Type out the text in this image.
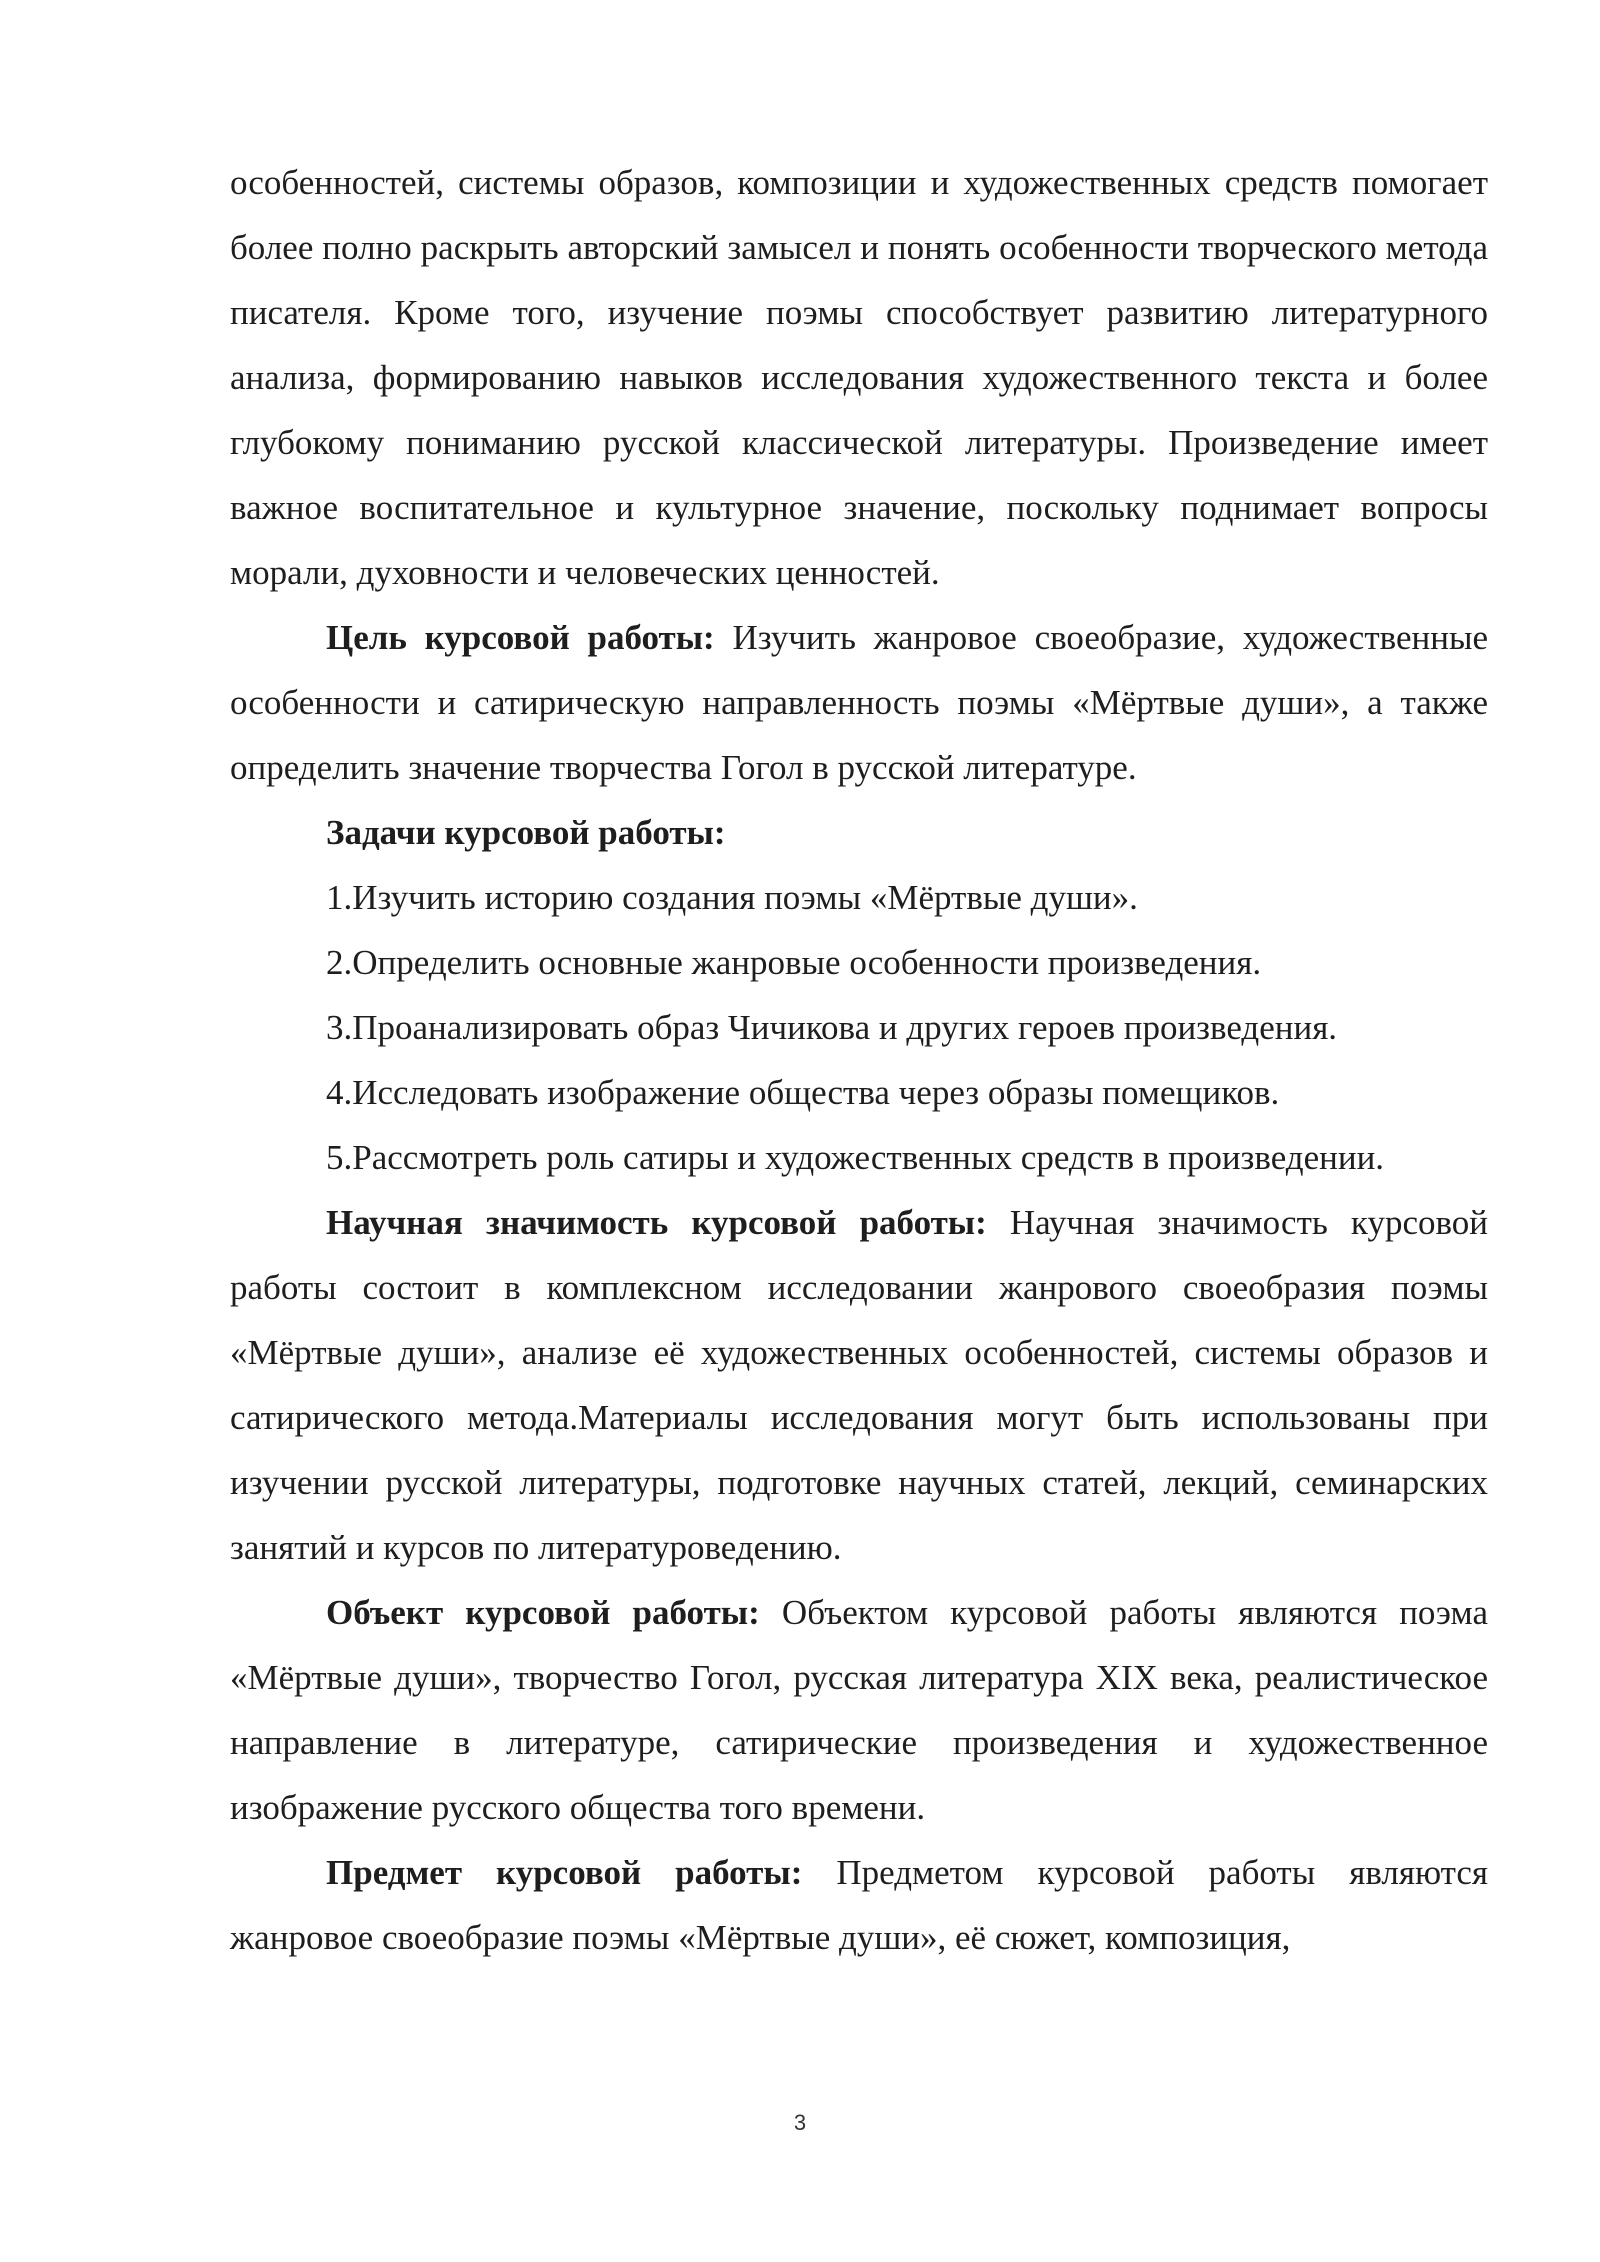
особенностей, системы образов, композиции и художественных средств помогает более полно раскрыть авторский замысел и понять особенности творческого метода писателя. Кроме того, изучение поэмы способствует развитию литературного анализа, формированию навыков исследования художественного текста и более глубокому пониманию русской классической литературы. Произведение имеет важное воспитательное и культурное значение, поскольку поднимает вопросы морали, духовности и человеческих ценностей.

Цель курсовой работы: Изучить жанровое своеобразие, художественные особенности и сатирическую направленность поэмы «Мёртвые души», а также определить значение творчества Гогол в русской литературе.

Задачи курсовой работы:

1.Изучить историю создания поэмы «Мёртвые души».

2.Определить основные жанровые особенности произведения.

3.Проанализировать образ Чичикова и других героев произведения.

4.Исследовать изображение общества через образы помещиков.

5.Рассмотреть роль сатиры и художественных средств в произведении.

Научная значимость курсовой работы: Научная значимость курсовой работы состоит в комплексном исследовании жанрового своеобразия поэмы «Мёртвые души», анализе её художественных особенностей, системы образов и сатирического метода.Материалы исследования могут быть использованы при изучении русской литературы, подготовке научных статей, лекций, семинарских занятий и курсов по литературоведению.

Объект курсовой работы: Объектом курсовой работы являются поэма «Мёртвые души», творчество Гогол, русская литература XIX века, реалистическое направление в литературе, сатирические произведения и художественное изображение русского общества того времени.

Предмет курсовой работы: Предметом курсовой работы являются жанровое своеобразие поэмы «Мёртвые души», её сюжет, композиция,

3
